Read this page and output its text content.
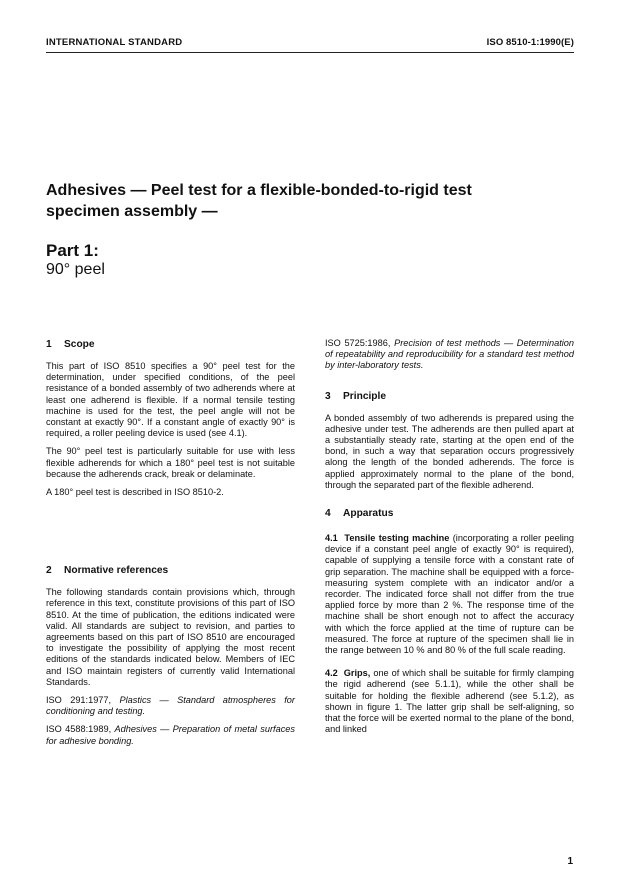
INTERNATIONAL STANDARD	ISO 8510-1:1990(E)
Adhesives — Peel test for a flexible-bonded-to-rigid test
specimen assembly —
Part 1:
90° peel
1 Scope
This part of ISO 8510 specifies a 90° peel test for the determination, under specified conditions, of the peel resistance of a bonded assembly of two adherends where at least one adherend is flexible. If a normal tensile testing machine is used for the test, the peel angle will not be constant at exactly 90°. If a constant angle of exactly 90° is required, a roller peeling device is used (see 4.1).
The 90° peel test is particularly suitable for use with less flexible adherends for which a 180° peel test is not suitable because the adherends crack, break or delaminate.
A 180° peel test is described in ISO 8510-2.
2 Normative references
The following standards contain provisions which, through reference in this text, constitute provisions of this part of ISO 8510. At the time of publication, the editions indicated were valid. All standards are subject to revision, and parties to agreements based on this part of ISO 8510 are encouraged to investigate the possibility of applying the most recent editions of the standards indicated below. Members of IEC and ISO maintain registers of currently valid International Standards.
ISO 291:1977, Plastics — Standard atmospheres for conditioning and testing.
ISO 4588:1989, Adhesives — Preparation of metal surfaces for adhesive bonding.
ISO 5725:1986, Precision of test methods — Determination of repeatability and reproducibility for a standard test method by inter-laboratory tests.
3 Principle
A bonded assembly of two adherends is prepared using the adhesive under test. The adherends are then pulled apart at a substantially steady rate, starting at the open end of the bond, in such a way that separation occurs progressively along the length of the bonded adherends. The force is applied approximately normal to the plane of the bond, through the separated part of the flexible adherend.
4 Apparatus
4.1 Tensile testing machine (incorporating a roller peeling device if a constant peel angle of exactly 90° is required), capable of supplying a tensile force with a constant rate of grip separation. The machine shall be equipped with a force-measuring system complete with an indicator and/or a recorder. The indicated force shall not differ from the true applied force by more than 2 %. The response time of the machine shall be short enough not to affect the accuracy with which the force applied at the time of rupture can be measured. The force at rupture of the specimen shall lie in the range between 10 % and 80 % of the full scale reading.
4.2 Grips, one of which shall be suitable for firmly clamping the rigid adherend (see 5.1.1), while the other shall be suitable for holding the flexible adherend (see 5.1.2), as shown in figure 1. The latter grip shall be self-aligning, so that the force will be exerted normal to the plane of the bond, and linked
1
